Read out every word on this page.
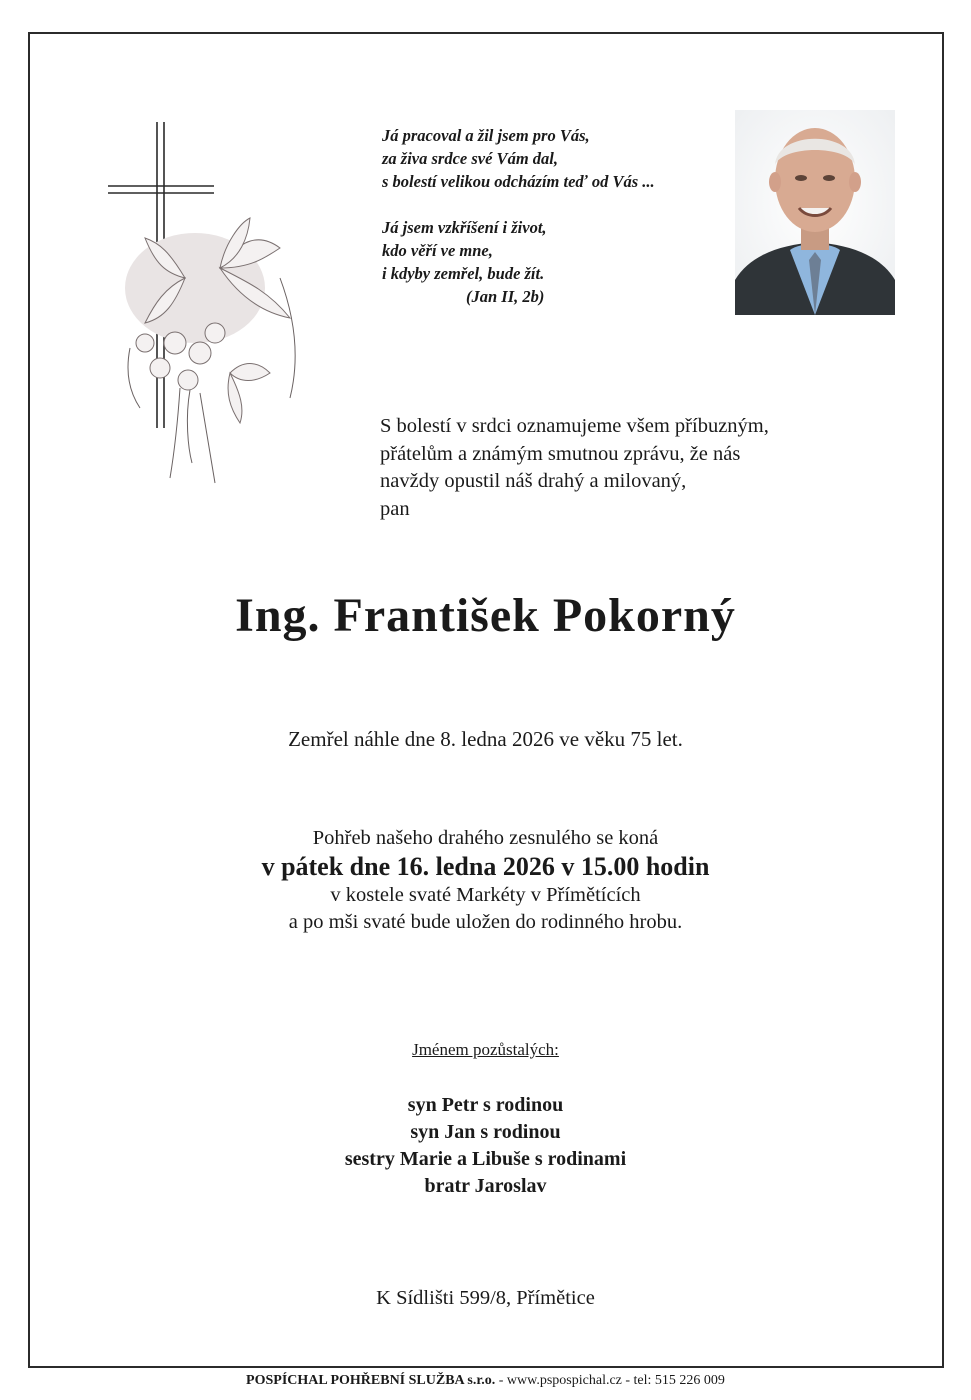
Já pracoval a žil jsem pro Vás,
za živa srdce své Vám dal,
s bolestí velikou odcházím teď od Vás ...
Já jsem vzkříšení i život,
kdo věří ve mne,
i kdyby zemřel, bude žít.
(Jan II, 2b)
S bolestí v srdci oznamujeme všem příbuzným,
přátelům a známým smutnou zprávu, že nás
navždy opustil náš drahý a milovaný,
pan
Ing. František Pokorný
Zemřel náhle dne 8. ledna 2026 ve věku 75 let.
Pohřeb našeho drahého zesnulého se koná
v pátek dne 16. ledna 2026 v 15.00 hodin
v kostele svaté Markéty v Přímětících
a po mši svaté bude uložen do rodinného hrobu.
Jménem pozůstalých:
syn Petr s rodinou
syn Jan s rodinou
sestry Marie a Libuše s rodinami
bratr Jaroslav
K Sídlišti 599/8, Přímětice
POSPÍCHAL POHŘEBNÍ SLUŽBA s.r.o. - www.pspospichal.cz - tel: 515 226 009
